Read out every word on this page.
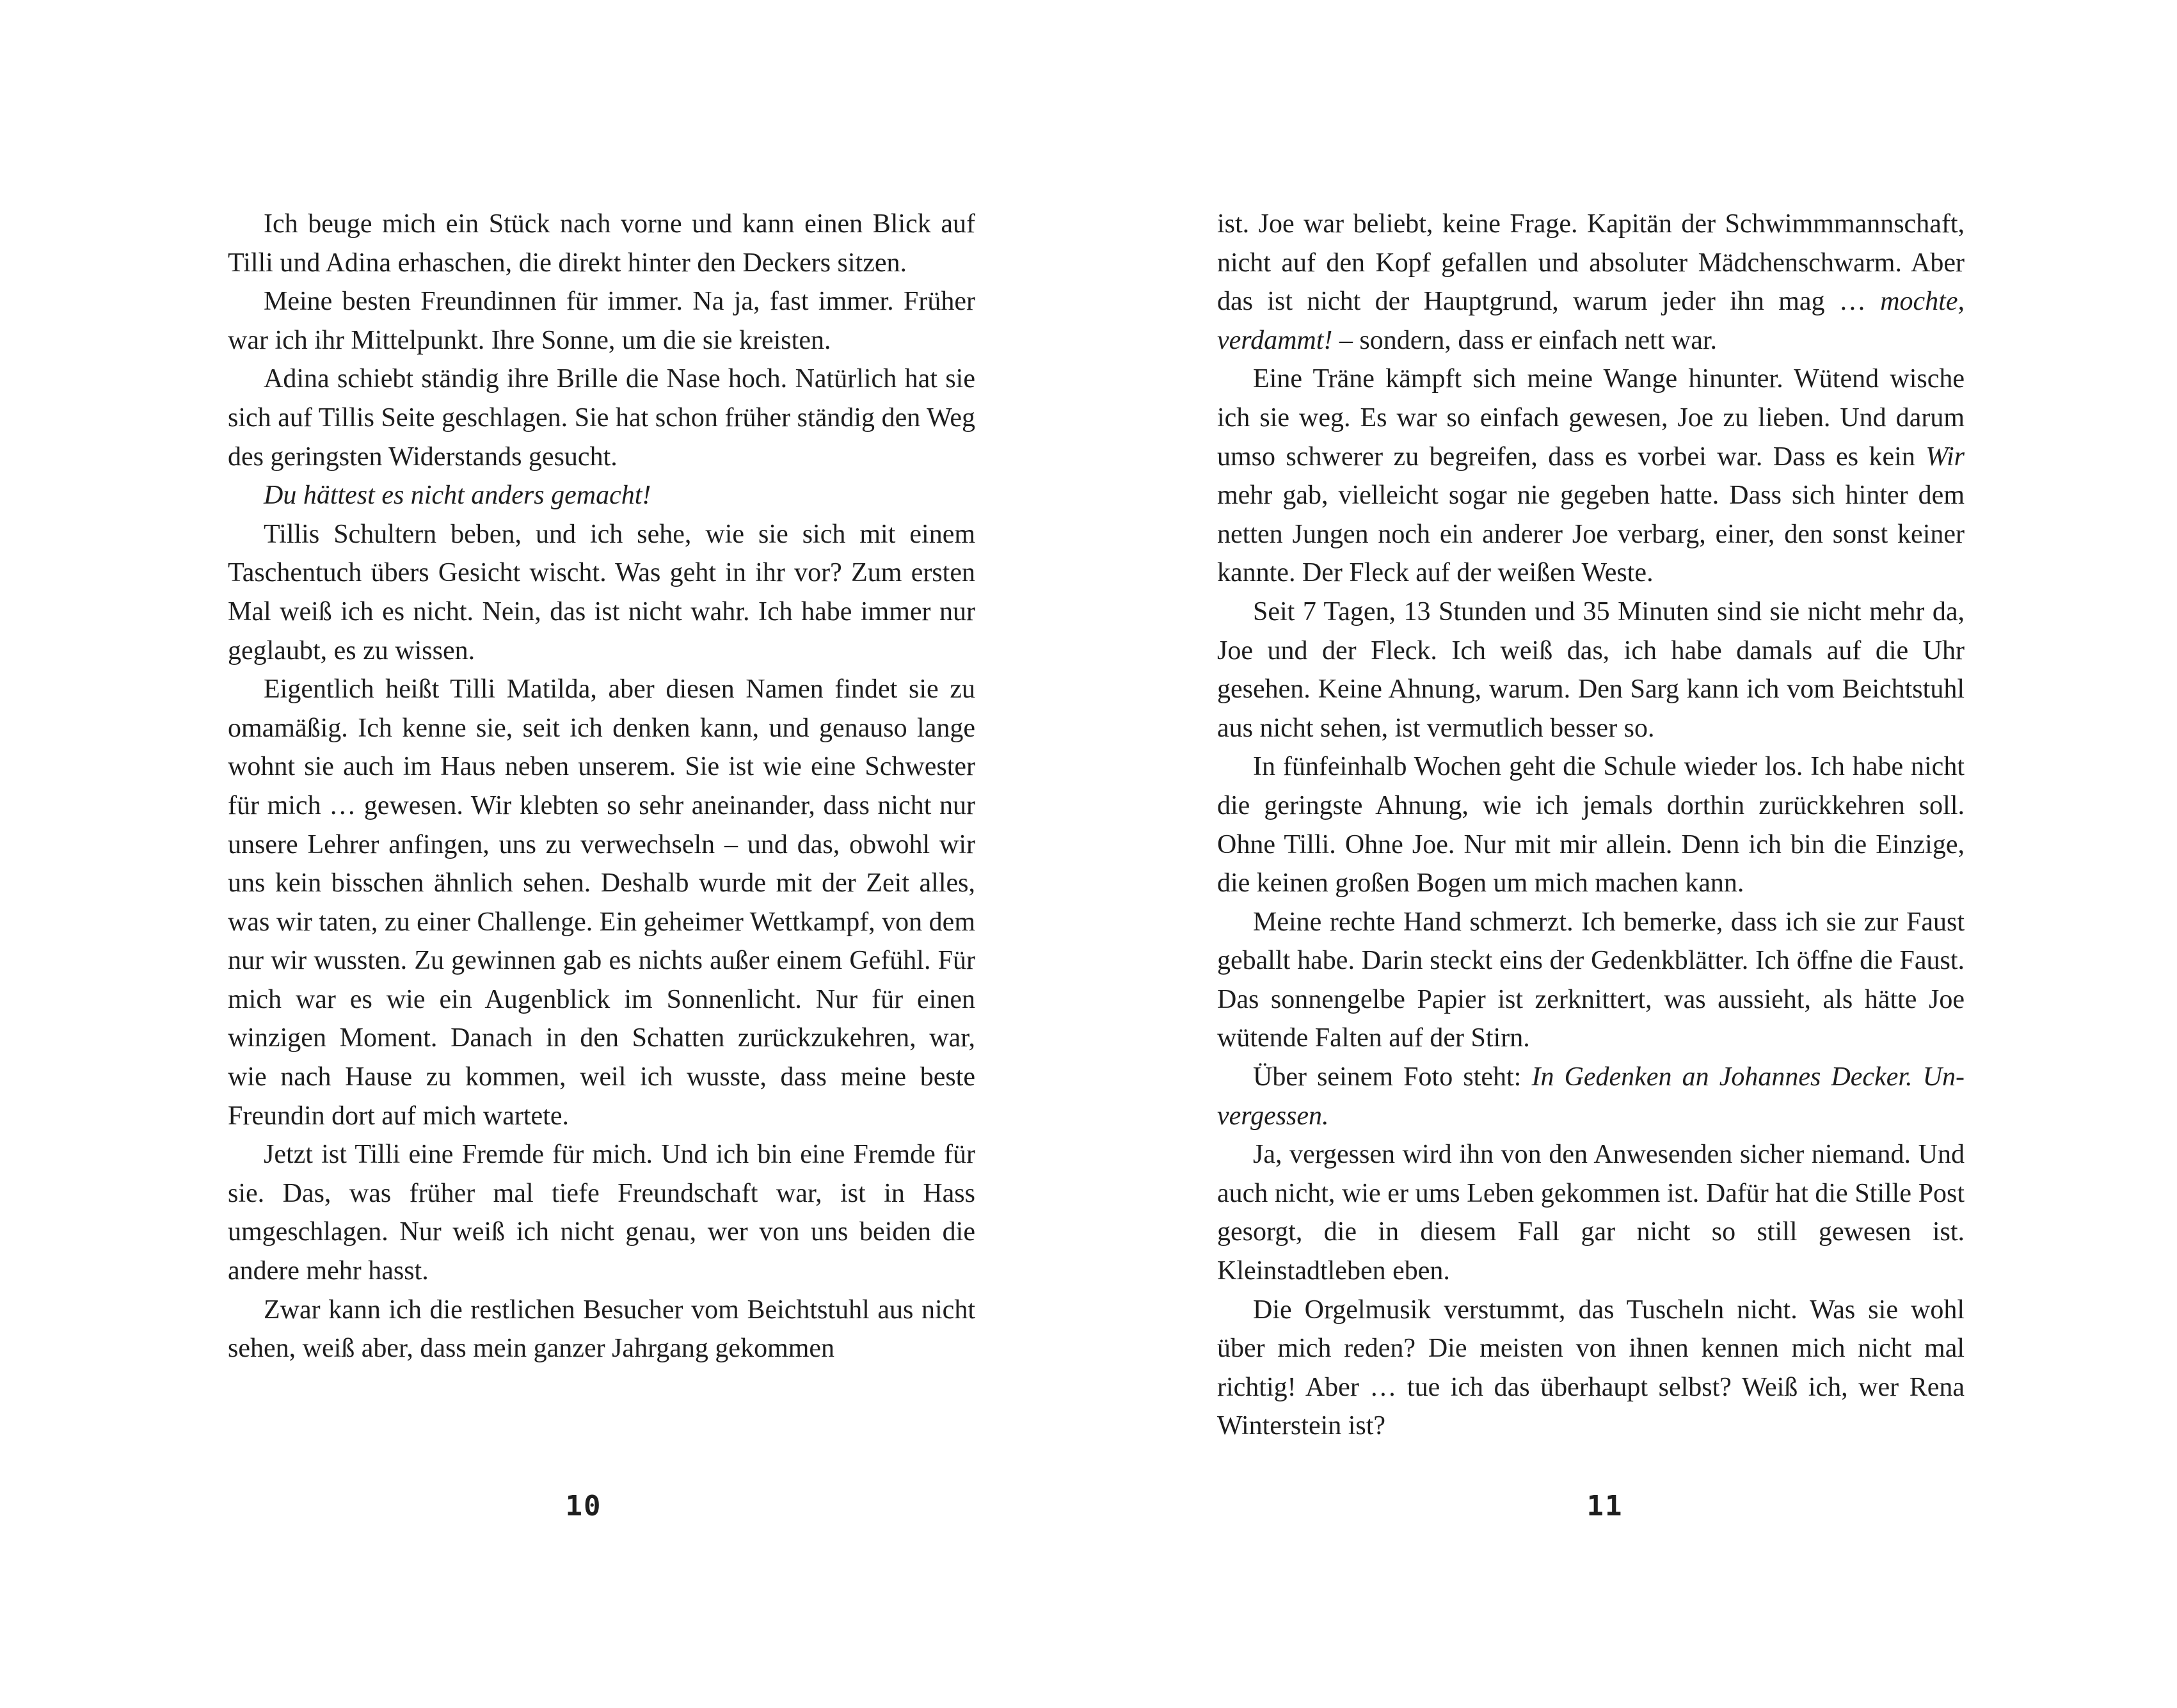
Ich beuge mich ein Stück nach vorne und kann einen Blick auf Tilli und Adina erhaschen, die direkt hinter den Deckers sitzen.

Meine besten Freundinnen für immer. Na ja, fast immer. Früher war ich ihr Mittelpunkt. Ihre Sonne, um die sie kreisten.

Adina schiebt ständig ihre Brille die Nase hoch. Natürlich hat sie sich auf Tillis Seite geschlagen. Sie hat schon früher ständig den Weg des geringsten Widerstands gesucht.

Du hättest es nicht anders gemacht!

Tillis Schultern beben, und ich sehe, wie sie sich mit einem Taschentuch übers Gesicht wischt. Was geht in ihr vor? Zum ersten Mal weiß ich es nicht. Nein, das ist nicht wahr. Ich habe immer nur geglaubt, es zu wissen.

Eigentlich heißt Tilli Matilda, aber diesen Namen findet sie zu omamäßig. Ich kenne sie, seit ich denken kann, und genauso lange wohnt sie auch im Haus neben unserem. Sie ist wie eine Schwester für mich … gewesen. Wir klebten so sehr aneinander, dass nicht nur unsere Lehrer anfingen, uns zu verwechseln – und das, obwohl wir uns kein bisschen ähnlich sehen. Deshalb wurde mit der Zeit alles, was wir taten, zu einer Challenge. Ein geheimer Wettkampf, von dem nur wir wussten. Zu gewinnen gab es nichts außer einem Gefühl. Für mich war es wie ein Augenblick im Sonnenlicht. Nur für einen winzigen Moment. Danach in den Schatten zurückzukehren, war, wie nach Hause zu kommen, weil ich wusste, dass meine beste Freundin dort auf mich wartete.

Jetzt ist Tilli eine Fremde für mich. Und ich bin eine Fremde für sie. Das, was früher mal tiefe Freundschaft war, ist in Hass umgeschlagen. Nur weiß ich nicht genau, wer von uns beiden die andere mehr hasst.

Zwar kann ich die restlichen Besucher vom Beichtstuhl aus nicht sehen, weiß aber, dass mein ganzer Jahrgang gekommen

ist. Joe war beliebt, keine Frage. Kapitän der Schwimmmannschaft, nicht auf den Kopf gefallen und absoluter Mädchenschwarm. Aber das ist nicht der Hauptgrund, warum jeder ihn mag … mochte, verdammt! – sondern, dass er einfach nett war.

Eine Träne kämpft sich meine Wange hinunter. Wütend wische ich sie weg. Es war so einfach gewesen, Joe zu lieben. Und darum umso schwerer zu begreifen, dass es vorbei war. Dass es kein Wir mehr gab, vielleicht sogar nie gegeben hatte. Dass sich hinter dem netten Jungen noch ein anderer Joe verbarg, einer, den sonst keiner kannte. Der Fleck auf der weißen Weste.

Seit 7 Tagen, 13 Stunden und 35 Minuten sind sie nicht mehr da, Joe und der Fleck. Ich weiß das, ich habe damals auf die Uhr gesehen. Keine Ahnung, warum. Den Sarg kann ich vom Beichtstuhl aus nicht sehen, ist vermutlich besser so.

In fünfeinhalb Wochen geht die Schule wieder los. Ich habe nicht die geringste Ahnung, wie ich jemals dorthin zurückkehren soll. Ohne Tilli. Ohne Joe. Nur mit mir allein. Denn ich bin die Einzige, die keinen großen Bogen um mich machen kann.

Meine rechte Hand schmerzt. Ich bemerke, dass ich sie zur Faust geballt habe. Darin steckt eins der Gedenkblätter. Ich öffne die Faust. Das sonnengelbe Papier ist zerknittert, was aussieht, als hätte Joe wütende Falten auf der Stirn.

Über seinem Foto steht: In Gedenken an Johannes Decker. Unvergessen.

Ja, vergessen wird ihn von den Anwesenden sicher niemand. Und auch nicht, wie er ums Leben gekommen ist. Dafür hat die Stille Post gesorgt, die in diesem Fall gar nicht so still gewesen ist. Kleinstadtleben eben.

Die Orgelmusik verstummt, das Tuscheln nicht. Was sie wohl über mich reden? Die meisten von ihnen kennen mich nicht mal richtig! Aber … tue ich das überhaupt selbst? Weiß ich, wer Rena Winterstein ist?

10	11
